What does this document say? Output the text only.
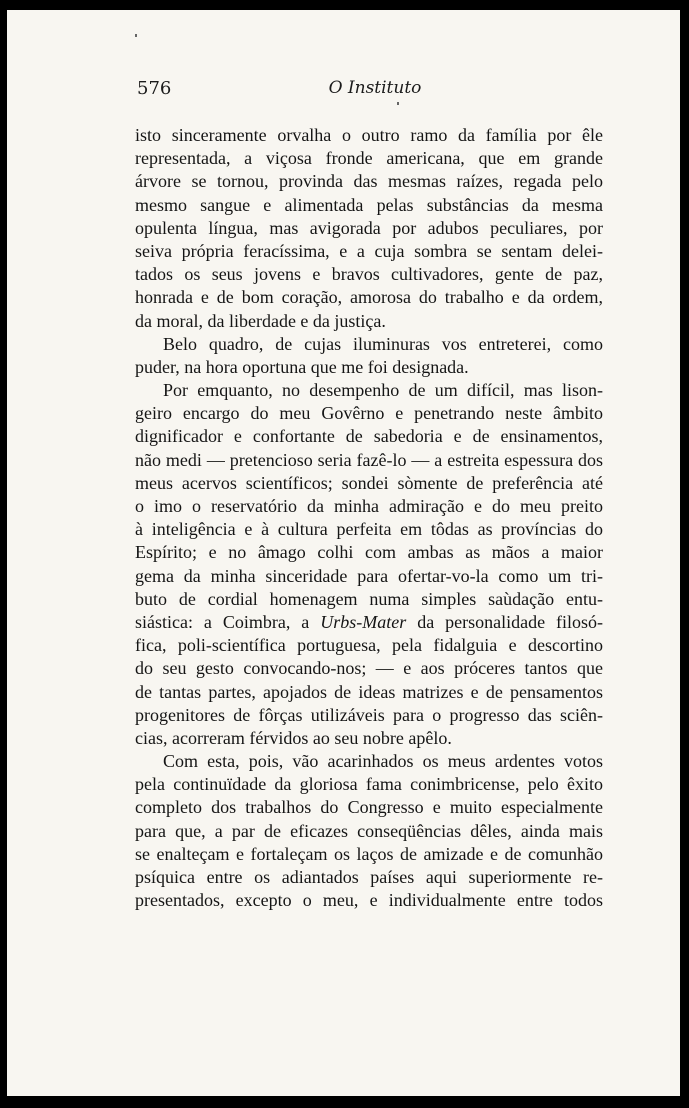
576	O Instituto
isto sinceramente orvalha o outro ramo da família por êle
representada, a viçosa fronde americana, que em grande
árvore se tornou, provinda das mesmas raízes, regada pelo
mesmo sangue e alimentada pelas substâncias da mesma
opulenta língua, mas avigorada por adubos peculiares, por
seiva própria feracíssima, e a cuja sombra se sentam delei-
tados os seus jovens e bravos cultivadores, gente de paz,
honrada e de bom coração, amorosa do trabalho e da ordem,
da moral, da liberdade e da justiça.
Belo quadro, de cujas iluminuras vos entreterei, como
puder, na hora oportuna que me foi designada.
Por emquanto, no desempenho de um difícil, mas lison-
geiro encargo do meu Govêrno e penetrando neste âmbito
dignificador e confortante de sabedoria e de ensinamentos,
não medi — pretencioso seria fazê-lo — a estreita espessura dos
meus acervos scientíficos; sondei sòmente de preferência até
o imo o reservatório da minha admiração e do meu preito
à inteligência e à cultura perfeita em tôdas as províncias do
Espírito; e no âmago colhi com ambas as mãos a maior
gema da minha sinceridade para ofertar-vo-la como um tri-
buto de cordial homenagem numa simples saùdação entu-
siástica: a Coimbra, a Urbs-Mater da personalidade filosó-
fica, poli-scientífica portuguesa, pela fidalguia e descortino
do seu gesto convocando-nos; — e aos próceres tantos que
de tantas partes, apojados de ideas matrizes e de pensamentos
progenitores de fôrças utilizáveis para o progresso das sciên-
cias, acorreram férvidos ao seu nobre apêlo.
Com esta, pois, vão acarinhados os meus ardentes votos
pela continuïdade da gloriosa fama conimbricense, pelo êxito
completo dos trabalhos do Congresso e muito especialmente
para que, a par de eficazes conseqüências dêles, ainda mais
se enalteçam e fortaleçam os laços de amizade e de comunhão
psíquica entre os adiantados países aqui superiormente re-
presentados, excepto o meu, e individualmente entre todos
